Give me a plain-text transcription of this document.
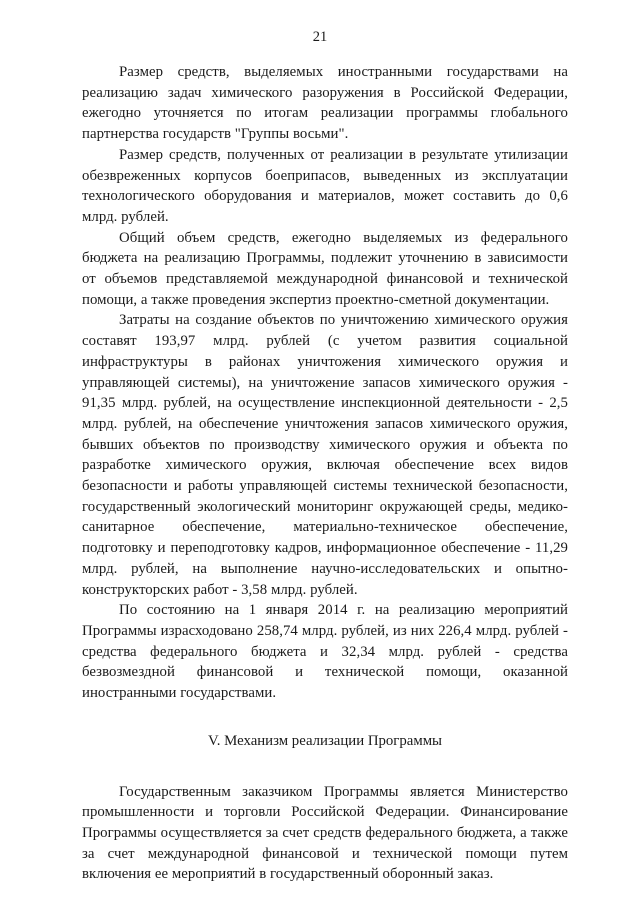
21

Размер средств, выделяемых иностранными государствами на реализацию задач химического разоружения в Российской Федерации, ежегодно уточняется по итогам реализации программы глобального партнерства государств "Группы восьми".

Размер средств, полученных от реализации в результате утилизации обезвреженных корпусов боеприпасов, выведенных из эксплуатации технологического оборудования и материалов, может составить до 0,6 млрд. рублей.

Общий объем средств, ежегодно выделяемых из федерального бюджета на реализацию Программы, подлежит уточнению в зависимости от объемов представляемой международной финансовой и технической помощи, а также проведения экспертиз проектно-сметной документации.

Затраты на создание объектов по уничтожению химического оружия составят 193,97 млрд. рублей (с учетом развития социальной инфраструктуры в районах уничтожения химического оружия и управляющей системы), на уничтожение запасов химического оружия - 91,35 млрд. рублей, на осуществление инспекционной деятельности - 2,5 млрд. рублей, на обеспечение уничтожения запасов химического оружия, бывших объектов по производству химического оружия и объекта по разработке химического оружия, включая обеспечение всех видов безопасности и работы управляющей системы технической безопасности, государственный экологический мониторинг окружающей среды, медико-санитарное обеспечение, материально-техническое обеспечение, подготовку и переподготовку кадров, информационное обеспечение - 11,29 млрд. рублей, на выполнение научно-исследовательских и опытно-конструкторских работ - 3,58 млрд. рублей.

По состоянию на 1 января 2014 г. на реализацию мероприятий Программы израсходовано 258,74 млрд. рублей, из них 226,4 млрд. рублей - средства федерального бюджета и 32,34 млрд. рублей - средства безвозмездной финансовой и технической помощи, оказанной иностранными государствами.

V. Механизм реализации Программы

Государственным заказчиком Программы является Министерство промышленности и торговли Российской Федерации. Финансирование Программы осуществляется за счет средств федерального бюджета, а также за счет международной финансовой и технической помощи путем включения ее мероприятий в государственный оборонный заказ.
